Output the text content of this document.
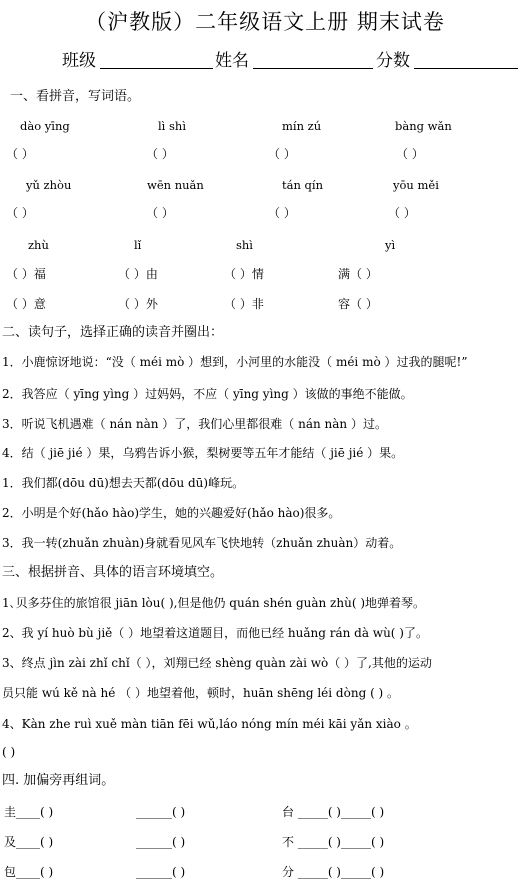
（沪教版）二年级语文上册 期末试卷
班级	姓名	分数
一、看拼音，写词语。
dào yīng	lì shì	mín zú	bàng wǎn
（ ）	（ ）	（ ）	（ ）
yǔ zhòu	wēn nuǎn	tán qín	yōu měi
（ ）	（ ）	（ ）	（ ）
zhù	lǐ	shì	yì
（ ）福	（ ）由	（ ）情	满（ ）
（ ）意	（ ）外	（ ）非	容（ ）
二、读句子，选择正确的读音并圈出：
1．小鹿惊讶地说：“没（ méi mò ）想到，小河里的水能没（ méi mò ）过我的腿呢!”
2．我答应（ yīng yìng ）过妈妈，不应（ yīng yìng ）该做的事绝不能做。
3．听说飞机遇难（ nán nàn ）了，我们心里都很难（ nán nàn ）过。
4．结（ jiē jié ）果，乌鸦告诉小猴，梨树要等五年才能结（ jiē jié ）果。
1．我们都(dōu dū)想去天都(dōu dū)峰玩。
2．小明是个好(hǎo hào)学生，她的兴趣爱好(hǎo hào)很多。
3．我一转(zhuǎn zhuàn)身就看见风车飞快地转（zhuǎn zhuàn）动着。
三、根据拼音、具体的语言环境填空。
1､贝多芬住的旅馆很 jiān lòu( ),但是他仍 quán shén guàn zhù( )地弹着琴。
2、我 yí huò bù jiě（ ）地望着这道题目，而他已经 huǎng rán dà wù( )了。
3、终点 jìn zài zhǐ chǐ（ ），刘翔已经 shèng quàn zài wò（ ）了,其他的运动
员只能 wú kě nà hé （ ）地望着他，顿时，huān shēng léi dòng ( ) 。
4、Kàn zhe ruì xuě màn tiān fēi wǔ,láo nóng mín méi kāi yǎn xiào 。
( )
四. 加偏旁再组词。
圭____( )	______( )	台 _____( )_____( )
及____( )	______( )	不 _____( )_____( )
包____( )	______( )	分 _____( )_____( )
